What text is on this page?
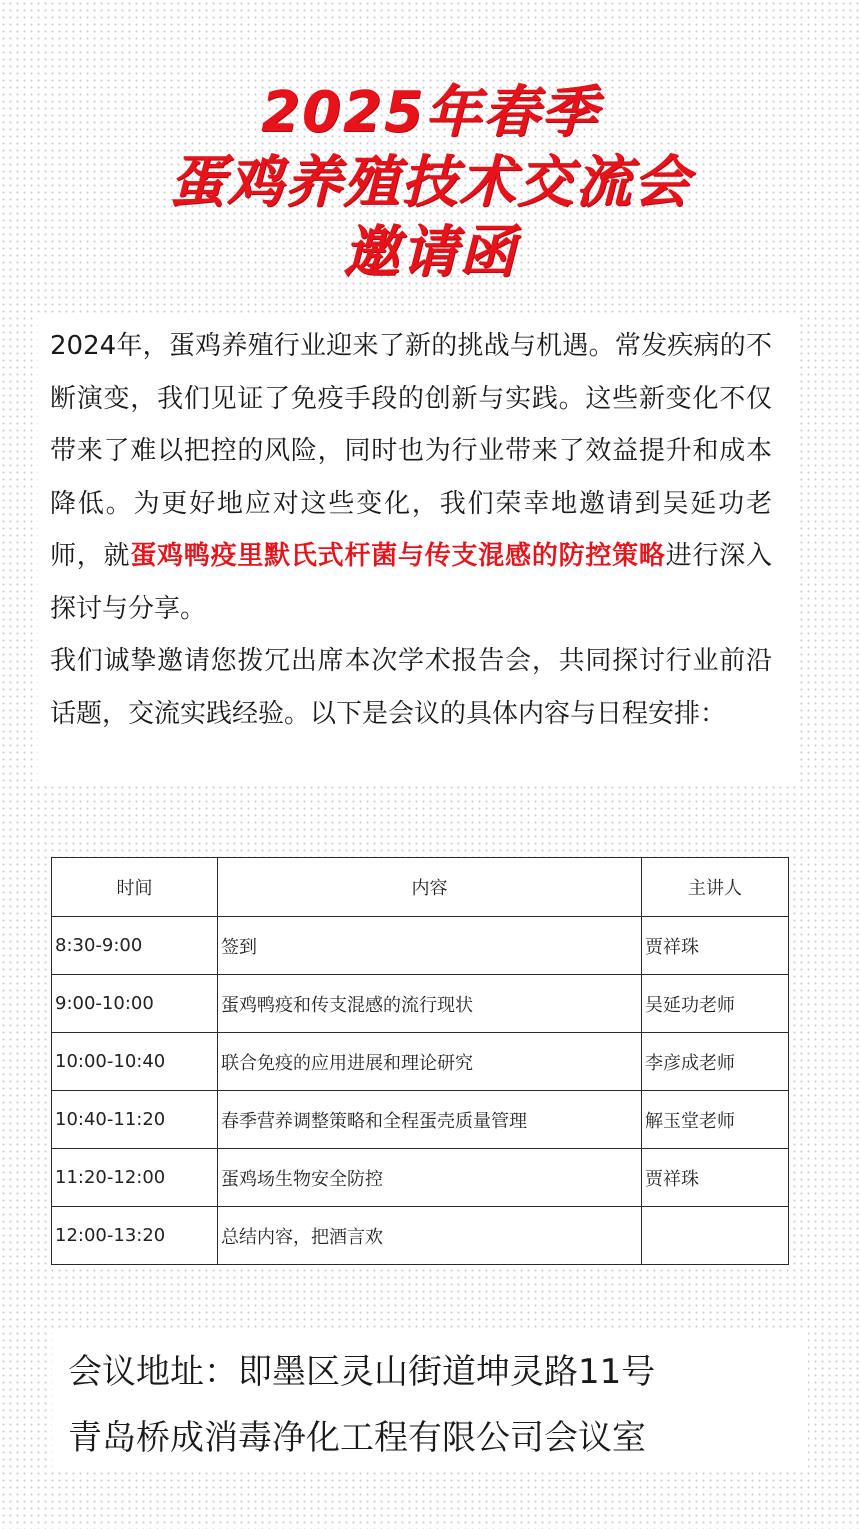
2025年春季
蛋鸡养殖技术交流会
邀请函

2024年，蛋鸡养殖行业迎来了新的挑战与机遇。常发疾病的不断演变，我们见证了免疫手段的创新与实践。这些新变化不仅带来了难以把控的风险，同时也为行业带来了效益提升和成本降低。为更好地应对这些变化，我们荣幸地邀请到吴延功老师，就蛋鸡鸭疫里默氏式杆菌与传支混感的防控策略进行深入探讨与分享。

我们诚挚邀请您拨冗出席本次学术报告会，共同探讨行业前沿话题，交流实践经验。以下是会议的具体内容与日程安排：

时间	内容	主讲人
8:30-9:00	签到	贾祥珠
9:00-10:00	蛋鸡鸭疫和传支混感的流行现状	吴延功老师
10:00-10:40	联合免疫的应用进展和理论研究	李彦成老师
10:40-11:20	春季营养调整策略和全程蛋壳质量管理	解玉堂老师
11:20-12:00	蛋鸡场生物安全防控	贾祥珠
12:00-13:20	总结内容，把酒言欢	
会议地址：即墨区灵山街道坤灵路11号
青岛桥成消毒净化工程有限公司会议室
